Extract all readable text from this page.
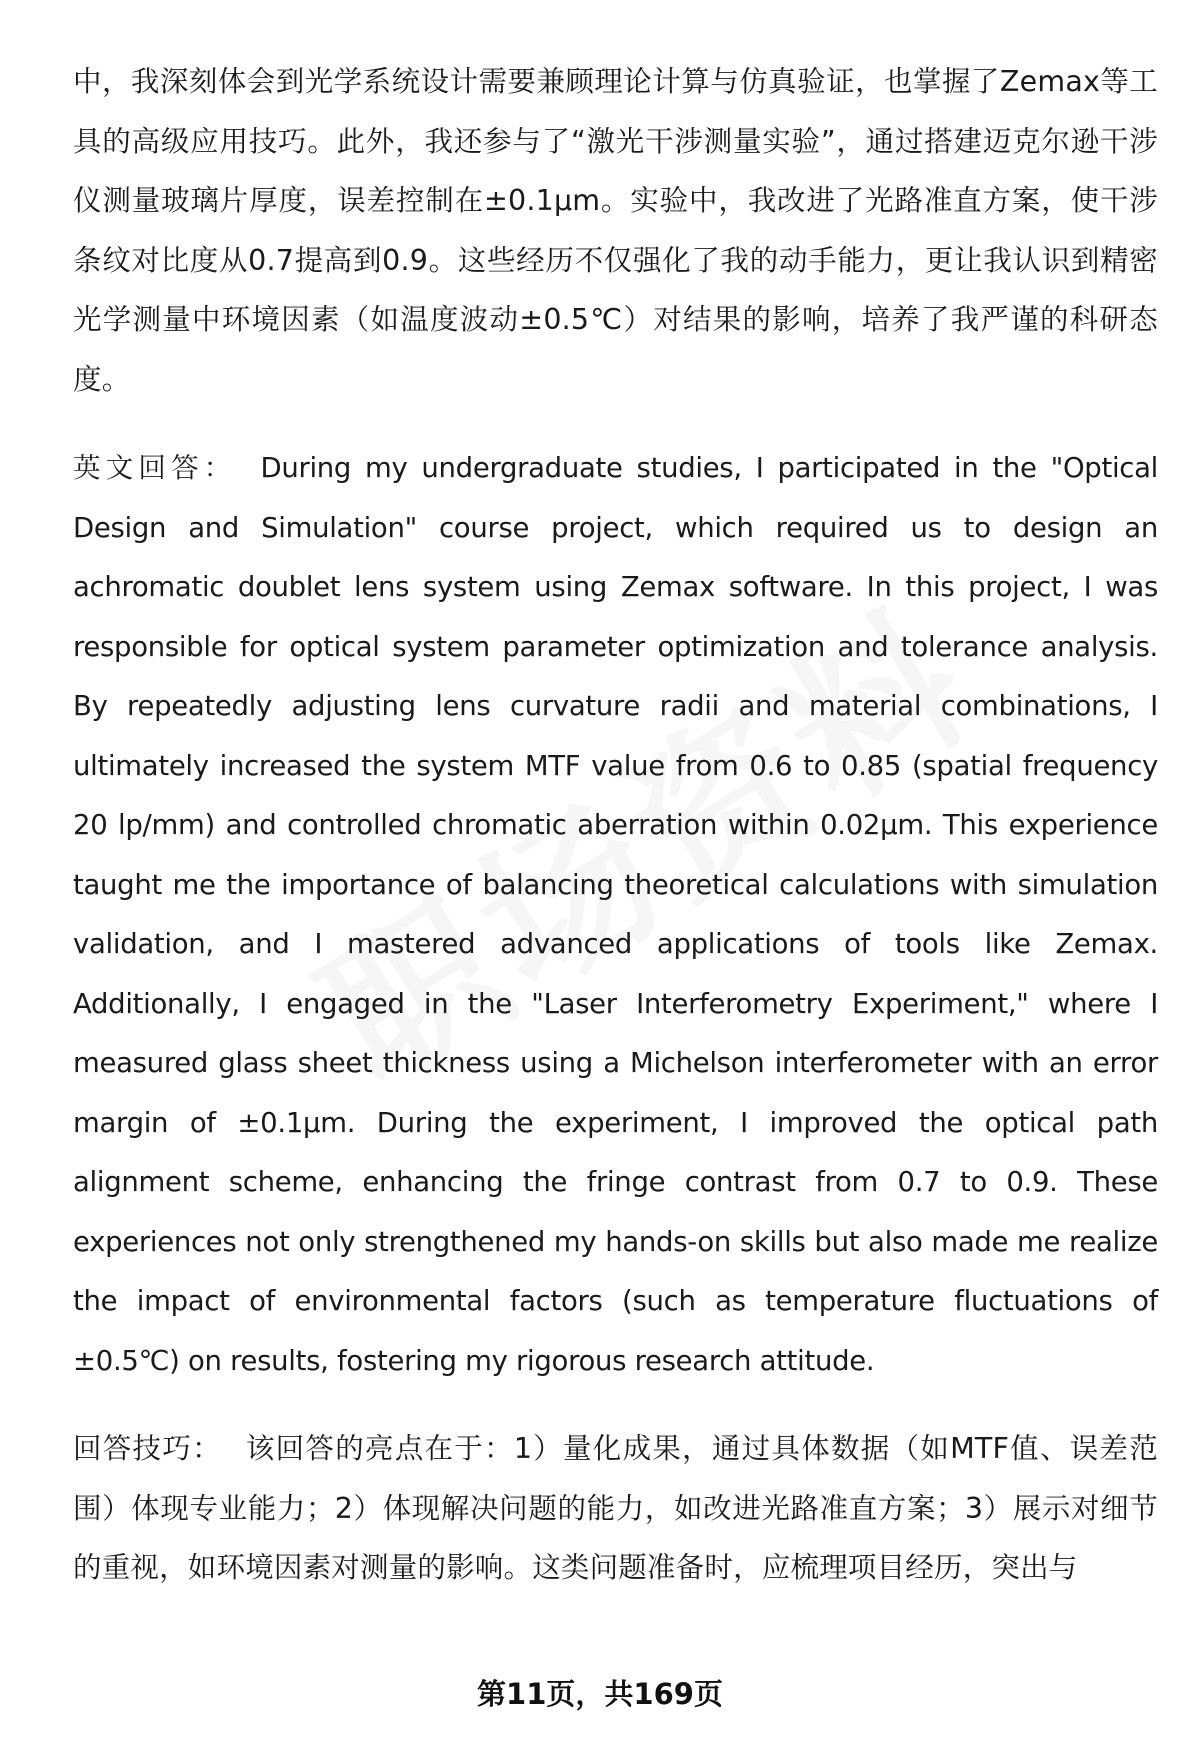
中，我深刻体会到光学系统设计需要兼顾理论计算与仿真验证，也掌握了Zemax等工具的高级应用技巧。此外，我还参与了“激光干涉测量实验”，通过搭建迈克尔逊干涉仪测量玻璃片厚度，误差控制在±0.1μm。实验中，我改进了光路准直方案，使干涉条纹对比度从0.7提高到0.9。这些经历不仅强化了我的动手能力，更让我认识到精密光学测量中环境因素（如温度波动±0.5℃）对结果的影响，培养了我严谨的科研态度。

英文回答： During my undergraduate studies, I participated in the "Optical Design and Simulation" course project, which required us to design an achromatic doublet lens system using Zemax software. In this project, I was responsible for optical system parameter optimization and tolerance analysis. By repeatedly adjusting lens curvature radii and material combinations, I ultimately increased the system MTF value from 0.6 to 0.85 (spatial frequency 20 lp/mm) and controlled chromatic aberration within 0.02μm. This experience taught me the importance of balancing theoretical calculations with simulation validation, and I mastered advanced applications of tools like Zemax. Additionally, I engaged in the "Laser Interferometry Experiment," where I measured glass sheet thickness using a Michelson interferometer with an error margin of ±0.1μm. During the experiment, I improved the optical path alignment scheme, enhancing the fringe contrast from 0.7 to 0.9. These experiences not only strengthened my hands-on skills but also made me realize the impact of environmental factors (such as temperature fluctuations of ±0.5℃) on results, fostering my rigorous research attitude.

回答技巧： 该回答的亮点在于：1）量化成果，通过具体数据（如MTF值、误差范围）体现专业能力；2）体现解决问题的能力，如改进光路准直方案；3）展示对细节的重视，如环境因素对测量的影响。这类问题准备时，应梳理项目经历，突出与

第11页，共169页
